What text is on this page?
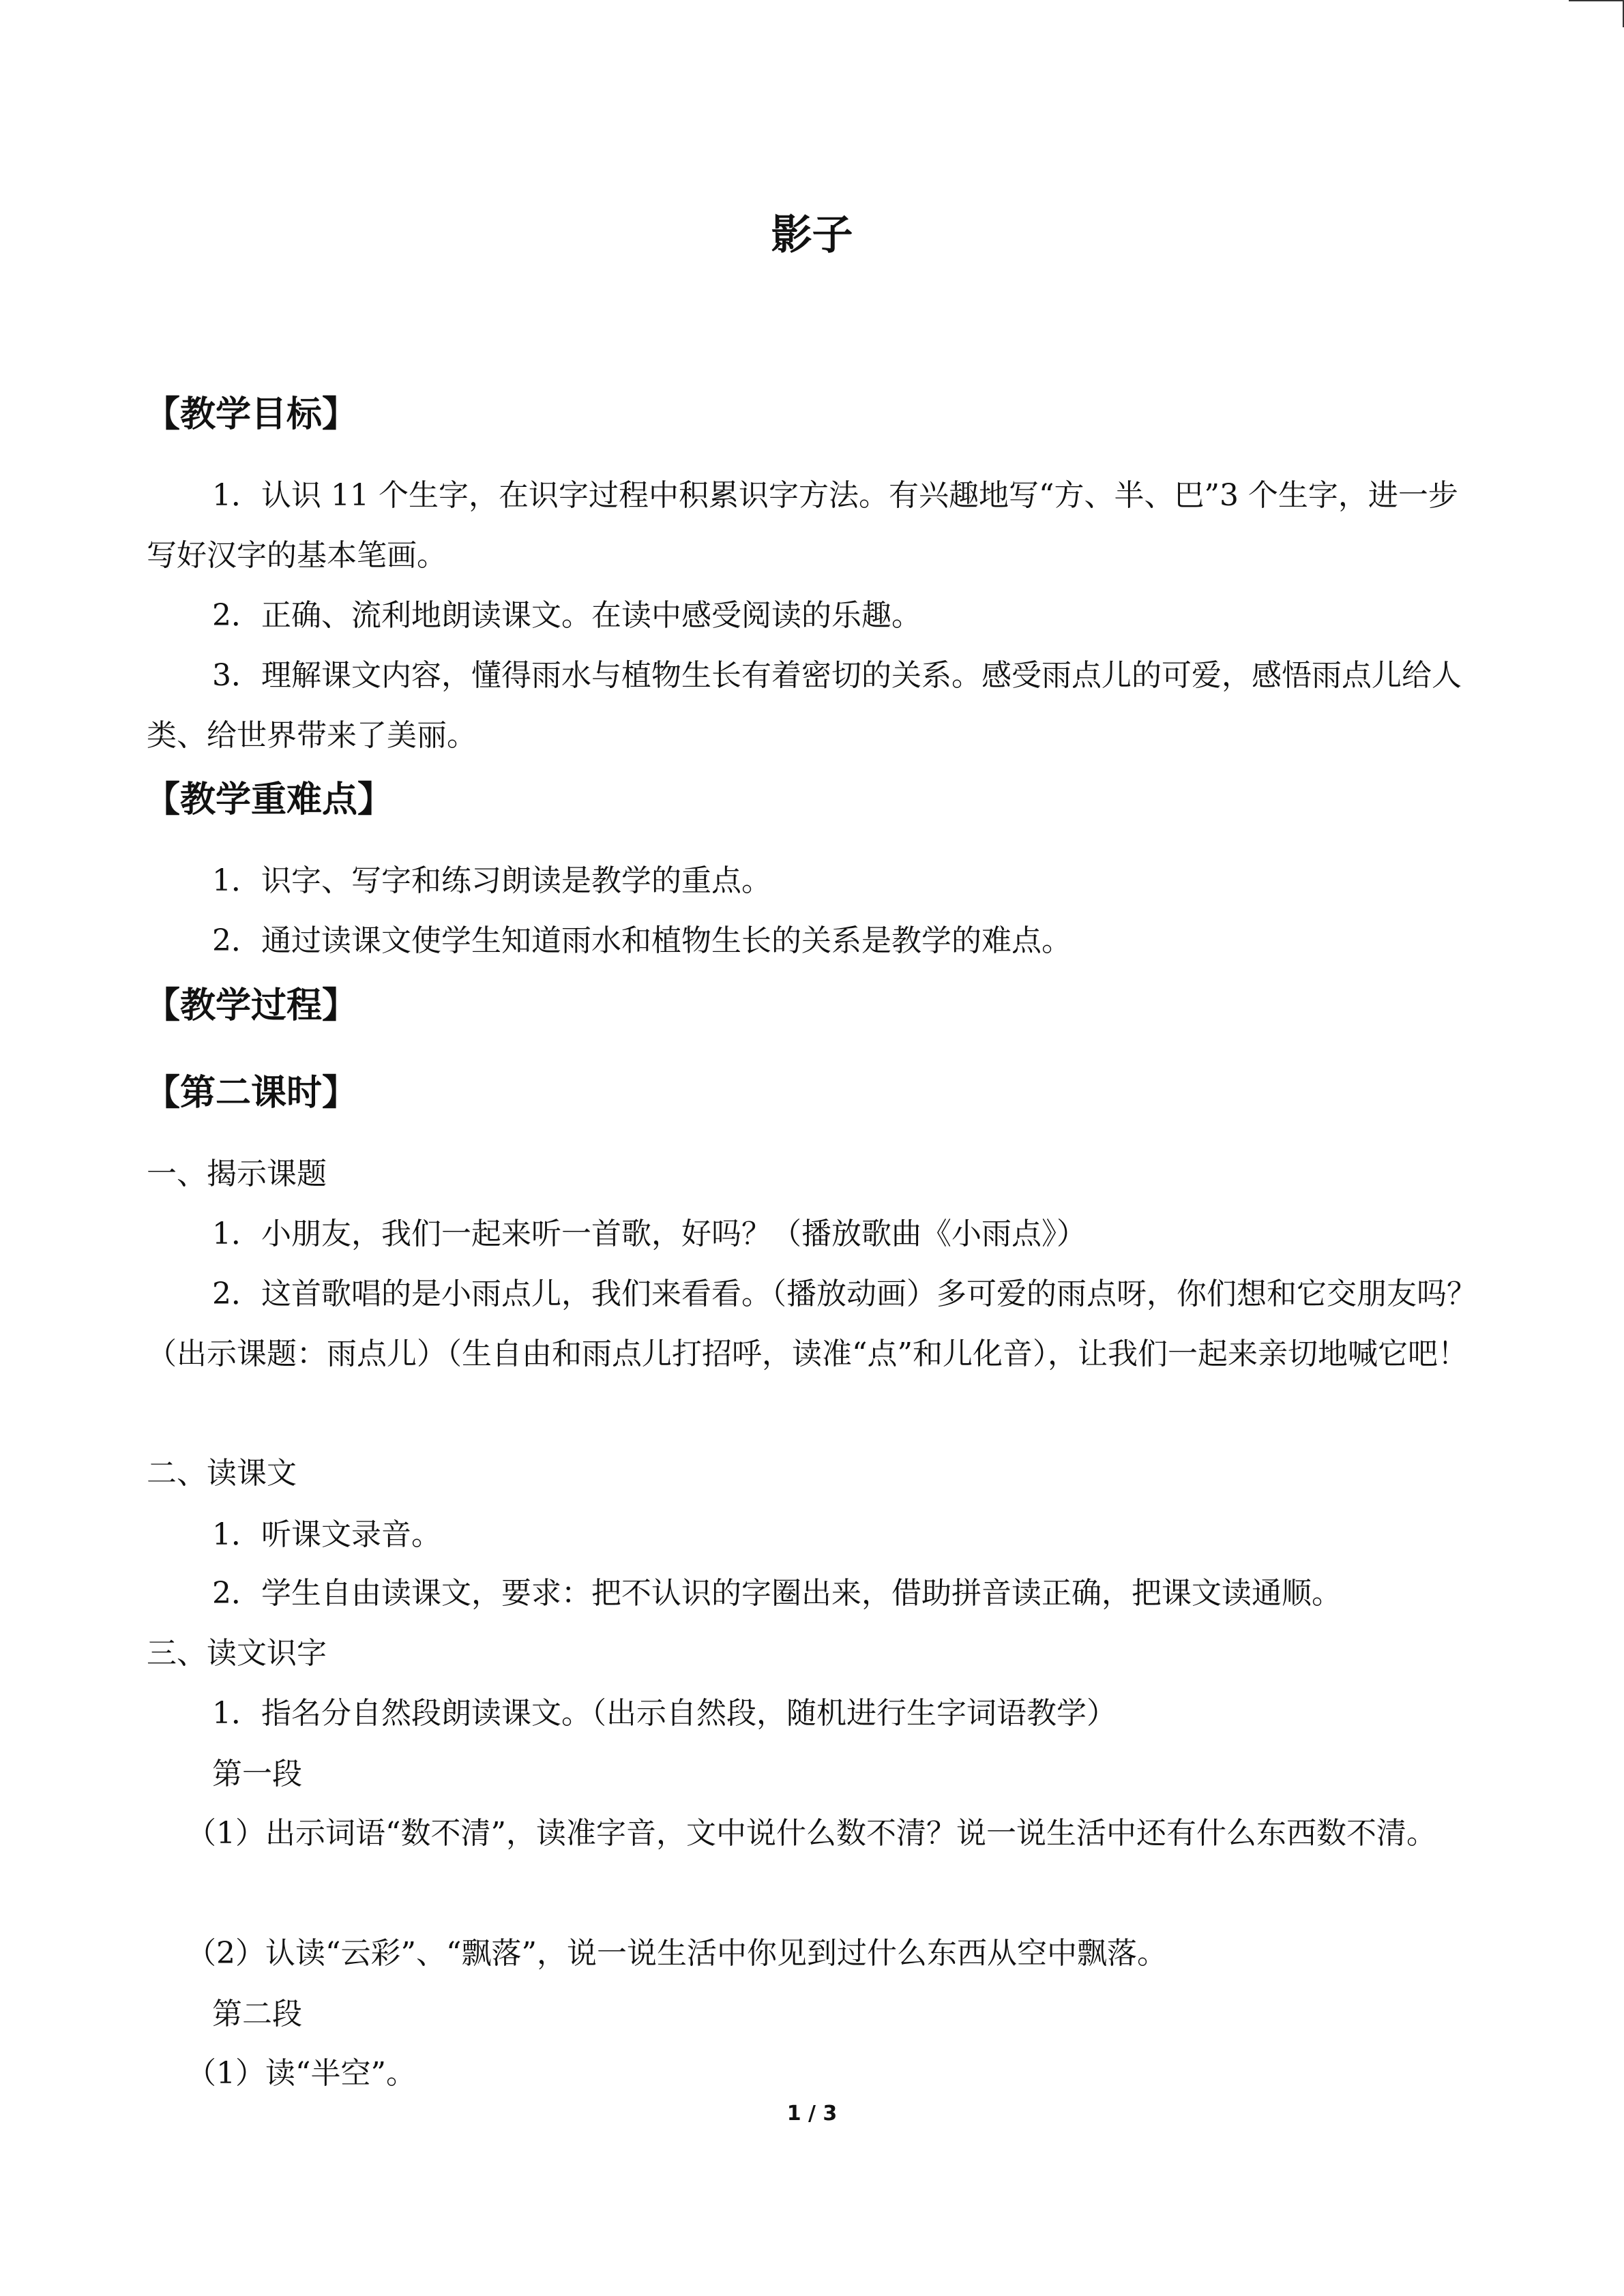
影子
【教学目标】

1．认识 11 个生字，在识字过程中积累识字方法。有兴趣地写“方、半、巴”3 个生字，进一步写好汉字的基本笔画。

2．正确、流利地朗读课文。在读中感受阅读的乐趣。

3．理解课文内容，懂得雨水与植物生长有着密切的关系。感受雨点儿的可爱，感悟雨点儿给人类、给世界带来了美丽。

【教学重难点】

1．识字、写字和练习朗读是教学的重点。

2．通过读课文使学生知道雨水和植物生长的关系是教学的难点。

【教学过程】
【第二课时】
一、揭示课题

1．小朋友，我们一起来听一首歌，好吗？（播放歌曲《小雨点》）

2．这首歌唱的是小雨点儿，我们来看看。（播放动画）多可爱的雨点呀，你们想和它交朋友吗？（出示课题：雨点儿）（生自由和雨点儿打招呼，读准“点”和儿化音），让我们一起来亲切地喊它吧！

二、读课文

1．听课文录音。

2．学生自由读课文，要求：把不认识的字圈出来，借助拼音读正确，把课文读通顺。

三、读文识字

1．指名分自然段朗读课文。（出示自然段，随机进行生字词语教学）

第一段

（1）出示词语“数不清”，读准字音，文中说什么数不清？说一说生活中还有什么东西数不清。

（2）认读“云彩”、“飘落”，说一说生活中你见到过什么东西从空中飘落。

第二段

（1）读“半空”。

1 / 3
